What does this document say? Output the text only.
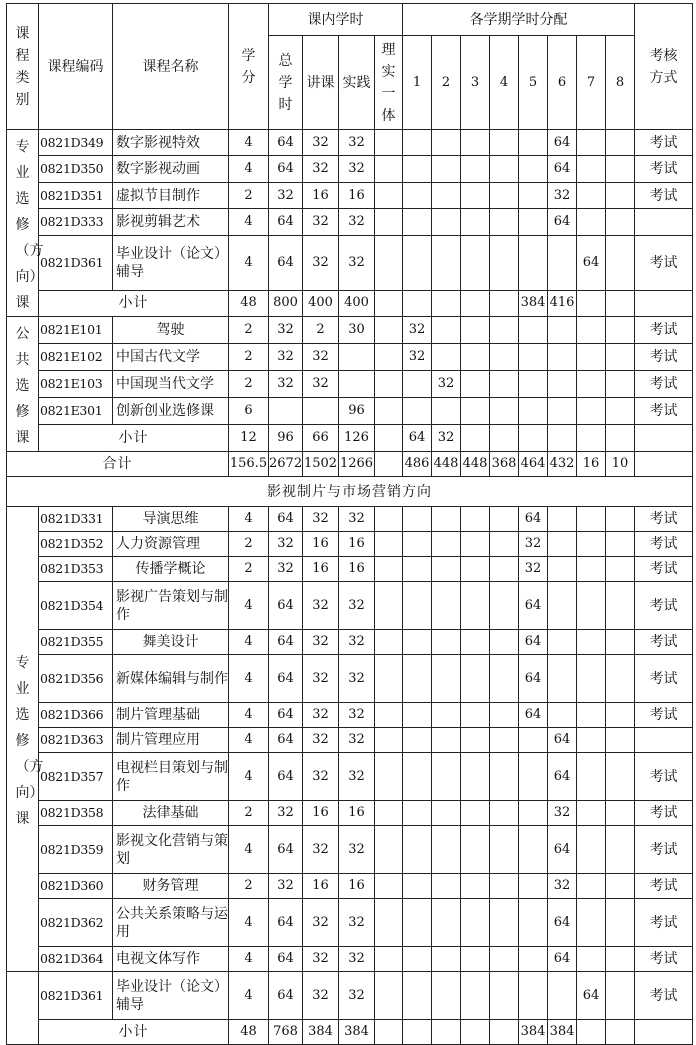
课程类别	课程编码	课程名称	学分	课内学时				各学期学时分配								考核方式

				总学时	讲课	实践	理实一体	1	2	3	4	5	6	7	8	

专业选修（方向）课	0821D349	数字影视特效	4	64	32	32							64			考试
	0821D350	数字影视动画	4	64	32	32							64			考试
	0821D351	虚拟节目制作	2	32	16	16							32			考试
	0821D333	影视剪辑艺术	4	64	32	32							64			
	0821D361	毕业设计（论文）辅导	4	64	32	32								64		考试
	小计		48	800	400	400						384	416			

公共选修课	0821E101	驾驶	2	32	2	30		32								考试
	0821E102	中国古代文学	2	32	32			32								考试
	0821E103	中国现当代文学	2	32	32				32							考试
	0821E301	创新创业选修课	6			96										考试
	小计		12	96	66	126		64	32							
合计			156.5	2672	1502	1266		486	448	448	368	464	432	16	10	
影视制片与市场营销方向																

专业选修（方向）课	0821D331	导演思维	4	64	32	32						64				考试
	0821D352	人力资源管理	2	32	16	16						32				考试
	0821D353	传播学概论	2	32	16	16						32				考试
	0821D354	影视广告策划与制作	4	64	32	32						64				考试
	0821D355	舞美设计	4	64	32	32						64				考试
	0821D356	新媒体编辑与制作	4	64	32	32						64				考试
	0821D366	制片管理基础	4	64	32	32						64				考试
	0821D363	制片管理应用	4	64	32	32							64			
	0821D357	电视栏目策划与制作	4	64	32	32							64			考试
	0821D358	法律基础	2	32	16	16							32			考试
	0821D359	影视文化营销与策划	4	64	32	32							64			考试
	0821D360	财务管理	2	32	16	16							32			考试
	0821D362	公共关系策略与运用	4	64	32	32							64			考试
	0821D364	电视文体写作	4	64	32	32							64			考试
	0821D361	毕业设计（论文）辅导	4	64	32	32								64		考试
	小计		48	768	384	384						384	384			
